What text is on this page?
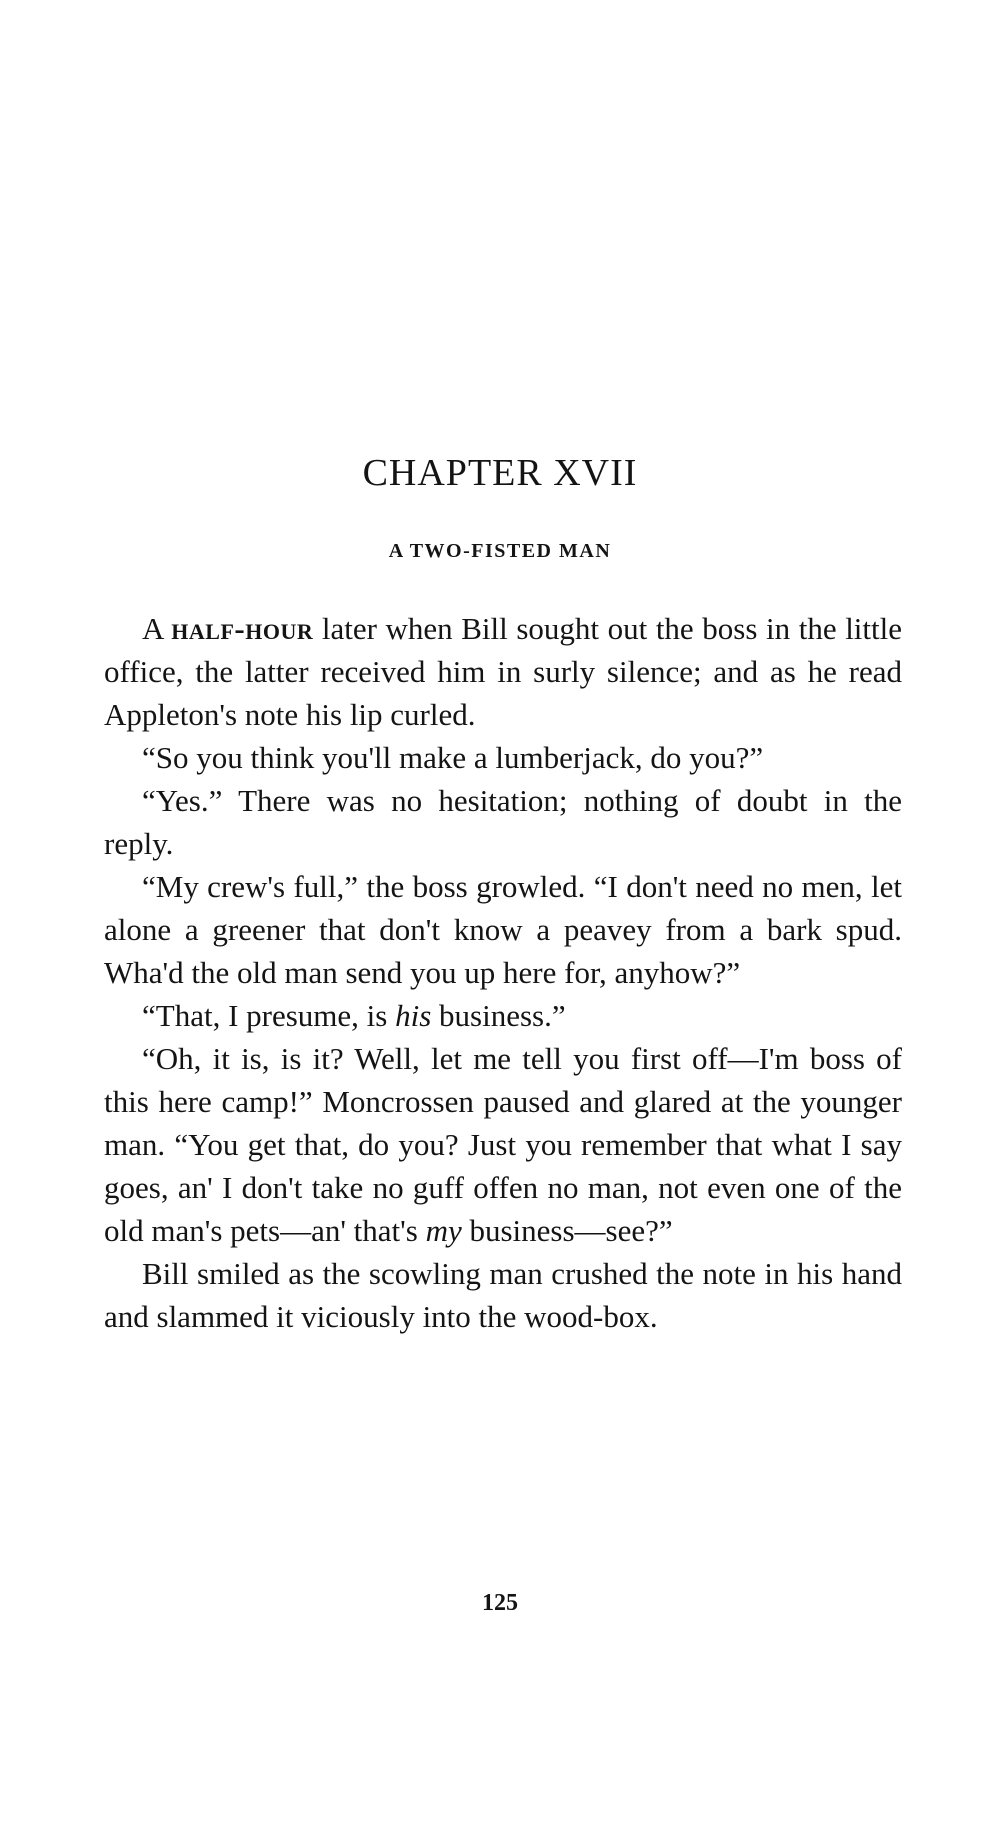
CHAPTER XVII
A TWO-FISTED MAN

A half-hour later when Bill sought out the boss in the little office, the latter received him in surly silence; and as he read Appleton's note his lip curled.

“So you think you'll make a lumberjack, do you?”

“Yes.” There was no hesitation; nothing of doubt in the reply.

“My crew's full,” the boss growled. “I don't need no men, let alone a greener that don't know a peavey from a bark spud. Wha'd the old man send you up here for, anyhow?”

“That, I presume, is his business.”

“Oh, it is, is it? Well, let me tell you first off—I'm boss of this here camp!” Moncrossen paused and glared at the younger man. “You get that, do you? Just you remember that what I say goes, an' I don't take no guff offen no man, not even one of the old man's pets—an' that's my business—see?”

Bill smiled as the scowling man crushed the note in his hand and slammed it viciously into the wood-box.

125
